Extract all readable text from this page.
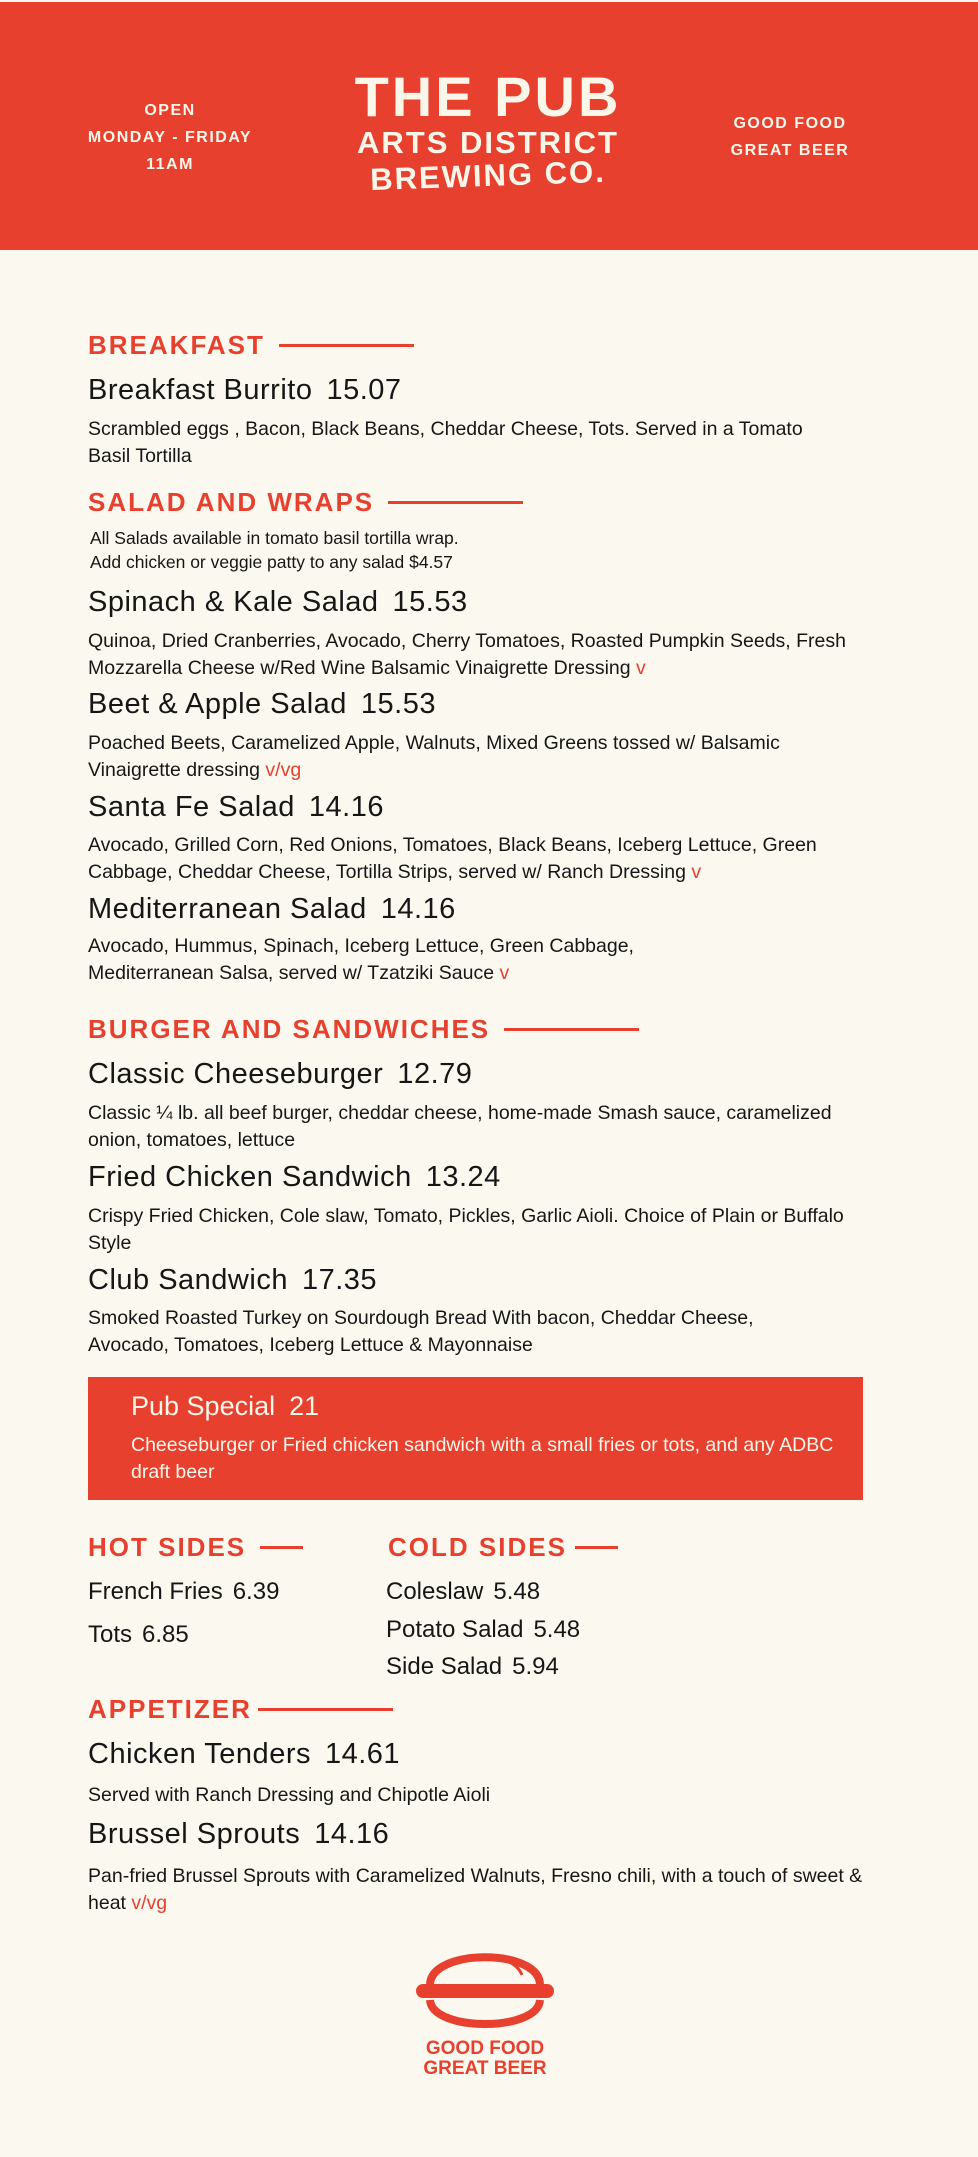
OPEN
MONDAY - FRIDAY
11AM
THE PUB
ARTS DISTRICT
BREWING CO.
GOOD FOOD
GREAT BEER
BREAKFAST
Breakfast Burrito 15.07
Scrambled eggs , Bacon, Black Beans, Cheddar Cheese, Tots. Served in a Tomato Basil Tortilla
SALAD AND WRAPS
All Salads available in tomato basil tortilla wrap.
Add chicken or veggie patty to any salad $4.57
Spinach & Kale Salad 15.53
Quinoa, Dried Cranberries, Avocado, Cherry Tomatoes, Roasted Pumpkin Seeds, Fresh Mozzarella Cheese w/Red Wine Balsamic Vinaigrette Dressing v
Beet & Apple Salad 15.53
Poached Beets, Caramelized Apple, Walnuts, Mixed Greens tossed w/ Balsamic Vinaigrette dressing v/vg
Santa Fe Salad 14.16
Avocado, Grilled Corn, Red Onions, Tomatoes, Black Beans, Iceberg Lettuce, Green Cabbage, Cheddar Cheese, Tortilla Strips, served w/ Ranch Dressing v
Mediterranean Salad 14.16
Avocado, Hummus, Spinach, Iceberg Lettuce, Green Cabbage, Mediterranean Salsa, served w/ Tzatziki Sauce v
BURGER AND SANDWICHES
Classic Cheeseburger 12.79
Classic ¼ lb. all beef burger, cheddar cheese, home-made Smash sauce, caramelized onion, tomatoes, lettuce
Fried Chicken Sandwich 13.24
Crispy Fried Chicken, Cole slaw, Tomato, Pickles, Garlic Aioli. Choice of Plain or Buffalo Style
Club Sandwich 17.35
Smoked Roasted Turkey on Sourdough Bread With bacon, Cheddar Cheese, Avocado, Tomatoes, Iceberg Lettuce & Mayonnaise
Pub Special 21
Cheeseburger or Fried chicken sandwich with a small fries or tots, and any ADBC draft beer
HOT SIDES	COLD SIDES
French Fries 6.39
Tots 6.85
Coleslaw 5.48
Potato Salad 5.48
Side Salad 5.94
APPETIZER
Chicken Tenders 14.61
Served with Ranch Dressing and Chipotle Aioli
Brussel Sprouts 14.16
Pan-fried Brussel Sprouts with Caramelized Walnuts, Fresno chili, with a touch of sweet & heat v/vg
GOOD FOOD
GREAT BEER
